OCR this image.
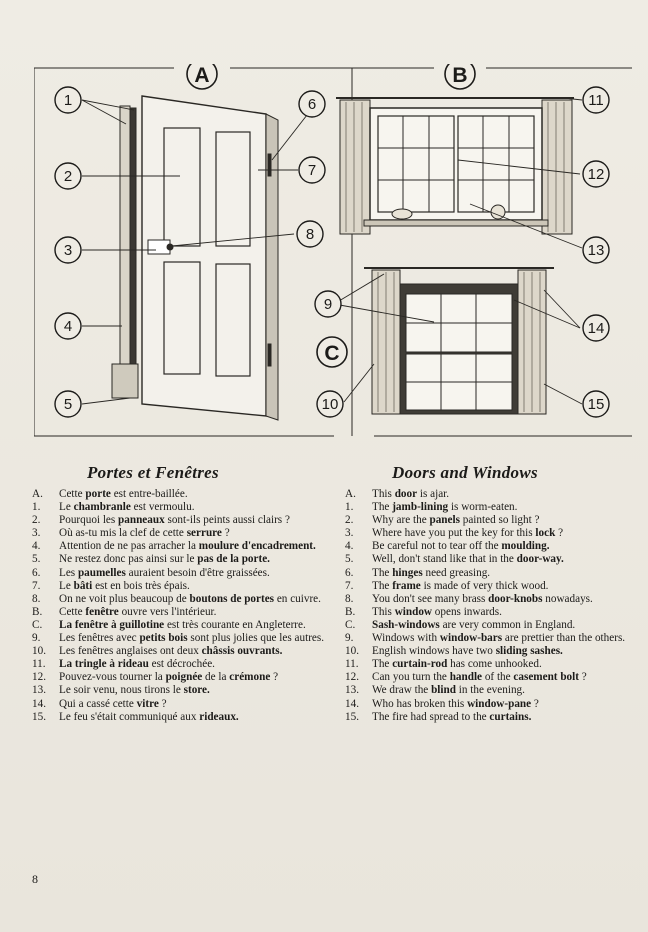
A	B
C
1
2
3
4
5
6
7
8
9
10
11
12
13
14
15
Portes et Fenêtres	Doors and Windows
A.	Cette porte est entre-baillée.
1.	Le chambranle est vermoulu.
2.	Pourquoi les panneaux sont-ils peints aussi clairs ?
3.	Où as-tu mis la clef de cette serrure ?
4.	Attention de ne pas arracher la moulure d'encadrement.
5.	Ne restez donc pas ainsi sur le pas de la porte.
6.	Les paumelles auraient besoin d'être graissées.
7.	Le bâti est en bois très épais.
8.	On ne voit plus beaucoup de boutons de portes en cuivre.
B.	Cette fenêtre ouvre vers l'intérieur.
C.	La fenêtre à guillotine est très courante en Angleterre.
9.	Les fenêtres avec petits bois sont plus jolies que les autres.
10.	Les fenêtres anglaises ont deux châssis ouvrants.
11.	La tringle à rideau est décrochée.
12.	Pouvez-vous tourner la poignée de la crémone ?
13.	Le soir venu, nous tirons le store.
14.	Qui a cassé cette vitre ?
15.	Le feu s'était communiqué aux rideaux.
A.	This door is ajar.
1.	The jamb-lining is worm-eaten.
2.	Why are the panels painted so light ?
3.	Where have you put the key for this lock ?
4.	Be careful not to tear off the moulding.
5.	Well, don't stand like that in the door-way.
6.	The hinges need greasing.
7.	The frame is made of very thick wood.
8.	You don't see many brass door-knobs nowadays.
B.	This window opens inwards.
C.	Sash-windows are very common in England.
9.	Windows with window-bars are prettier than the others.
10.	English windows have two sliding sashes.
11.	The curtain-rod has come unhooked.
12.	Can you turn the handle of the casement bolt ?
13.	We draw the blind in the evening.
14.	Who has broken this window-pane ?
15.	The fire had spread to the curtains.
8
